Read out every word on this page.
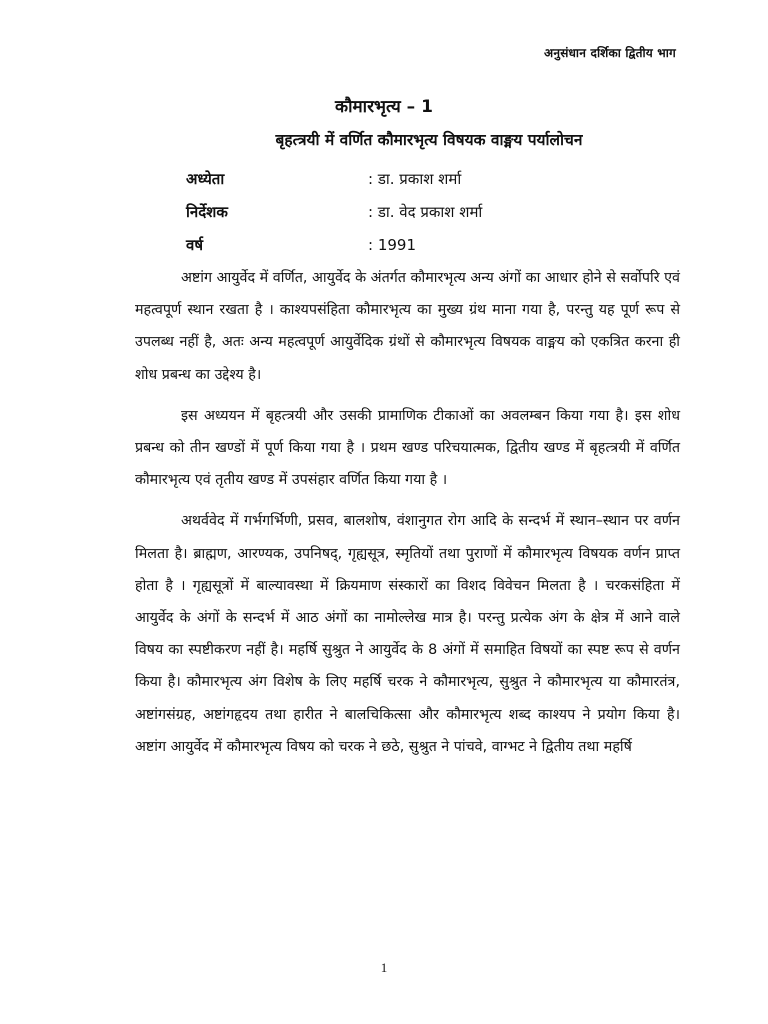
अनुसंधान दर्शिका द्वितीय भाग
कौमारभृत्य – 1
बृहत्त्रयी में वर्णित कौमारभृत्य विषयक वाङ्मय पर्यालोचन
अध्येता	: डा. प्रकाश शर्मा
निर्देशक	: डा. वेद प्रकाश शर्मा
वर्ष	: 1991

अष्टांग आयुर्वेद में वर्णित, आयुर्वेद के अंतर्गत कौमारभृत्य अन्य अंगों का आधार होने से सर्वोपरि एवं महत्वपूर्ण स्थान रखता है । काश्यपसंहिता कौमारभृत्य का मुख्य ग्रंथ माना गया है, परन्तु यह पूर्ण रूप से उपलब्ध नहीं है, अतः अन्य महत्वपूर्ण आयुर्वेदिक ग्रंथों से कौमारभृत्य विषयक वाङ्मय को एकत्रित करना ही शोध प्रबन्ध का उद्देश्य है।

इस अध्ययन में बृहत्त्रयी और उसकी प्रामाणिक टीकाओं का अवलम्बन किया गया है। इस शोध प्रबन्ध को तीन खण्डों में पूर्ण किया गया है । प्रथम खण्ड परिचयात्मक, द्वितीय खण्ड में बृहत्त्रयी में वर्णित कौमारभृत्य एवं तृतीय खण्ड में उपसंहार वर्णित किया गया है ।

अथर्ववेद में गर्भगर्भिणी, प्रसव, बालशोष, वंशानुगत रोग आदि के सन्दर्भ में स्थान–स्थान पर वर्णन मिलता है। ब्राह्मण, आरण्यक, उपनिषद्, गृह्यसूत्र, स्मृतियों तथा पुराणों में कौमारभृत्य विषयक वर्णन प्राप्त होता है । गृह्यसूत्रों में बाल्यावस्था में क्रियमाण संस्कारों का विशद विवेचन मिलता है । चरकसंहिता में आयुर्वेद के अंगों के सन्दर्भ में आठ अंगों का नामोल्लेख मात्र है। परन्तु प्रत्येक अंग के क्षेत्र में आने वाले विषय का स्पष्टीकरण नहीं है। महर्षि सुश्रुत ने आयुर्वेद के 8 अंगों में समाहित विषयों का स्पष्ट रूप से वर्णन किया है। कौमारभृत्य अंग विशेष के लिए महर्षि चरक ने कौमारभृत्य, सुश्रुत ने कौमारभृत्य या कौमारतंत्र, अष्टांगसंग्रह, अष्टांगहृदय तथा हारीत ने बालचिकित्सा और कौमारभृत्य शब्द काश्यप ने प्रयोग किया है। अष्टांग आयुर्वेद में कौमारभृत्य विषय को चरक ने छठे, सुश्रुत ने पांचवे, वाग्भट ने द्वितीय तथा महर्षि

1
